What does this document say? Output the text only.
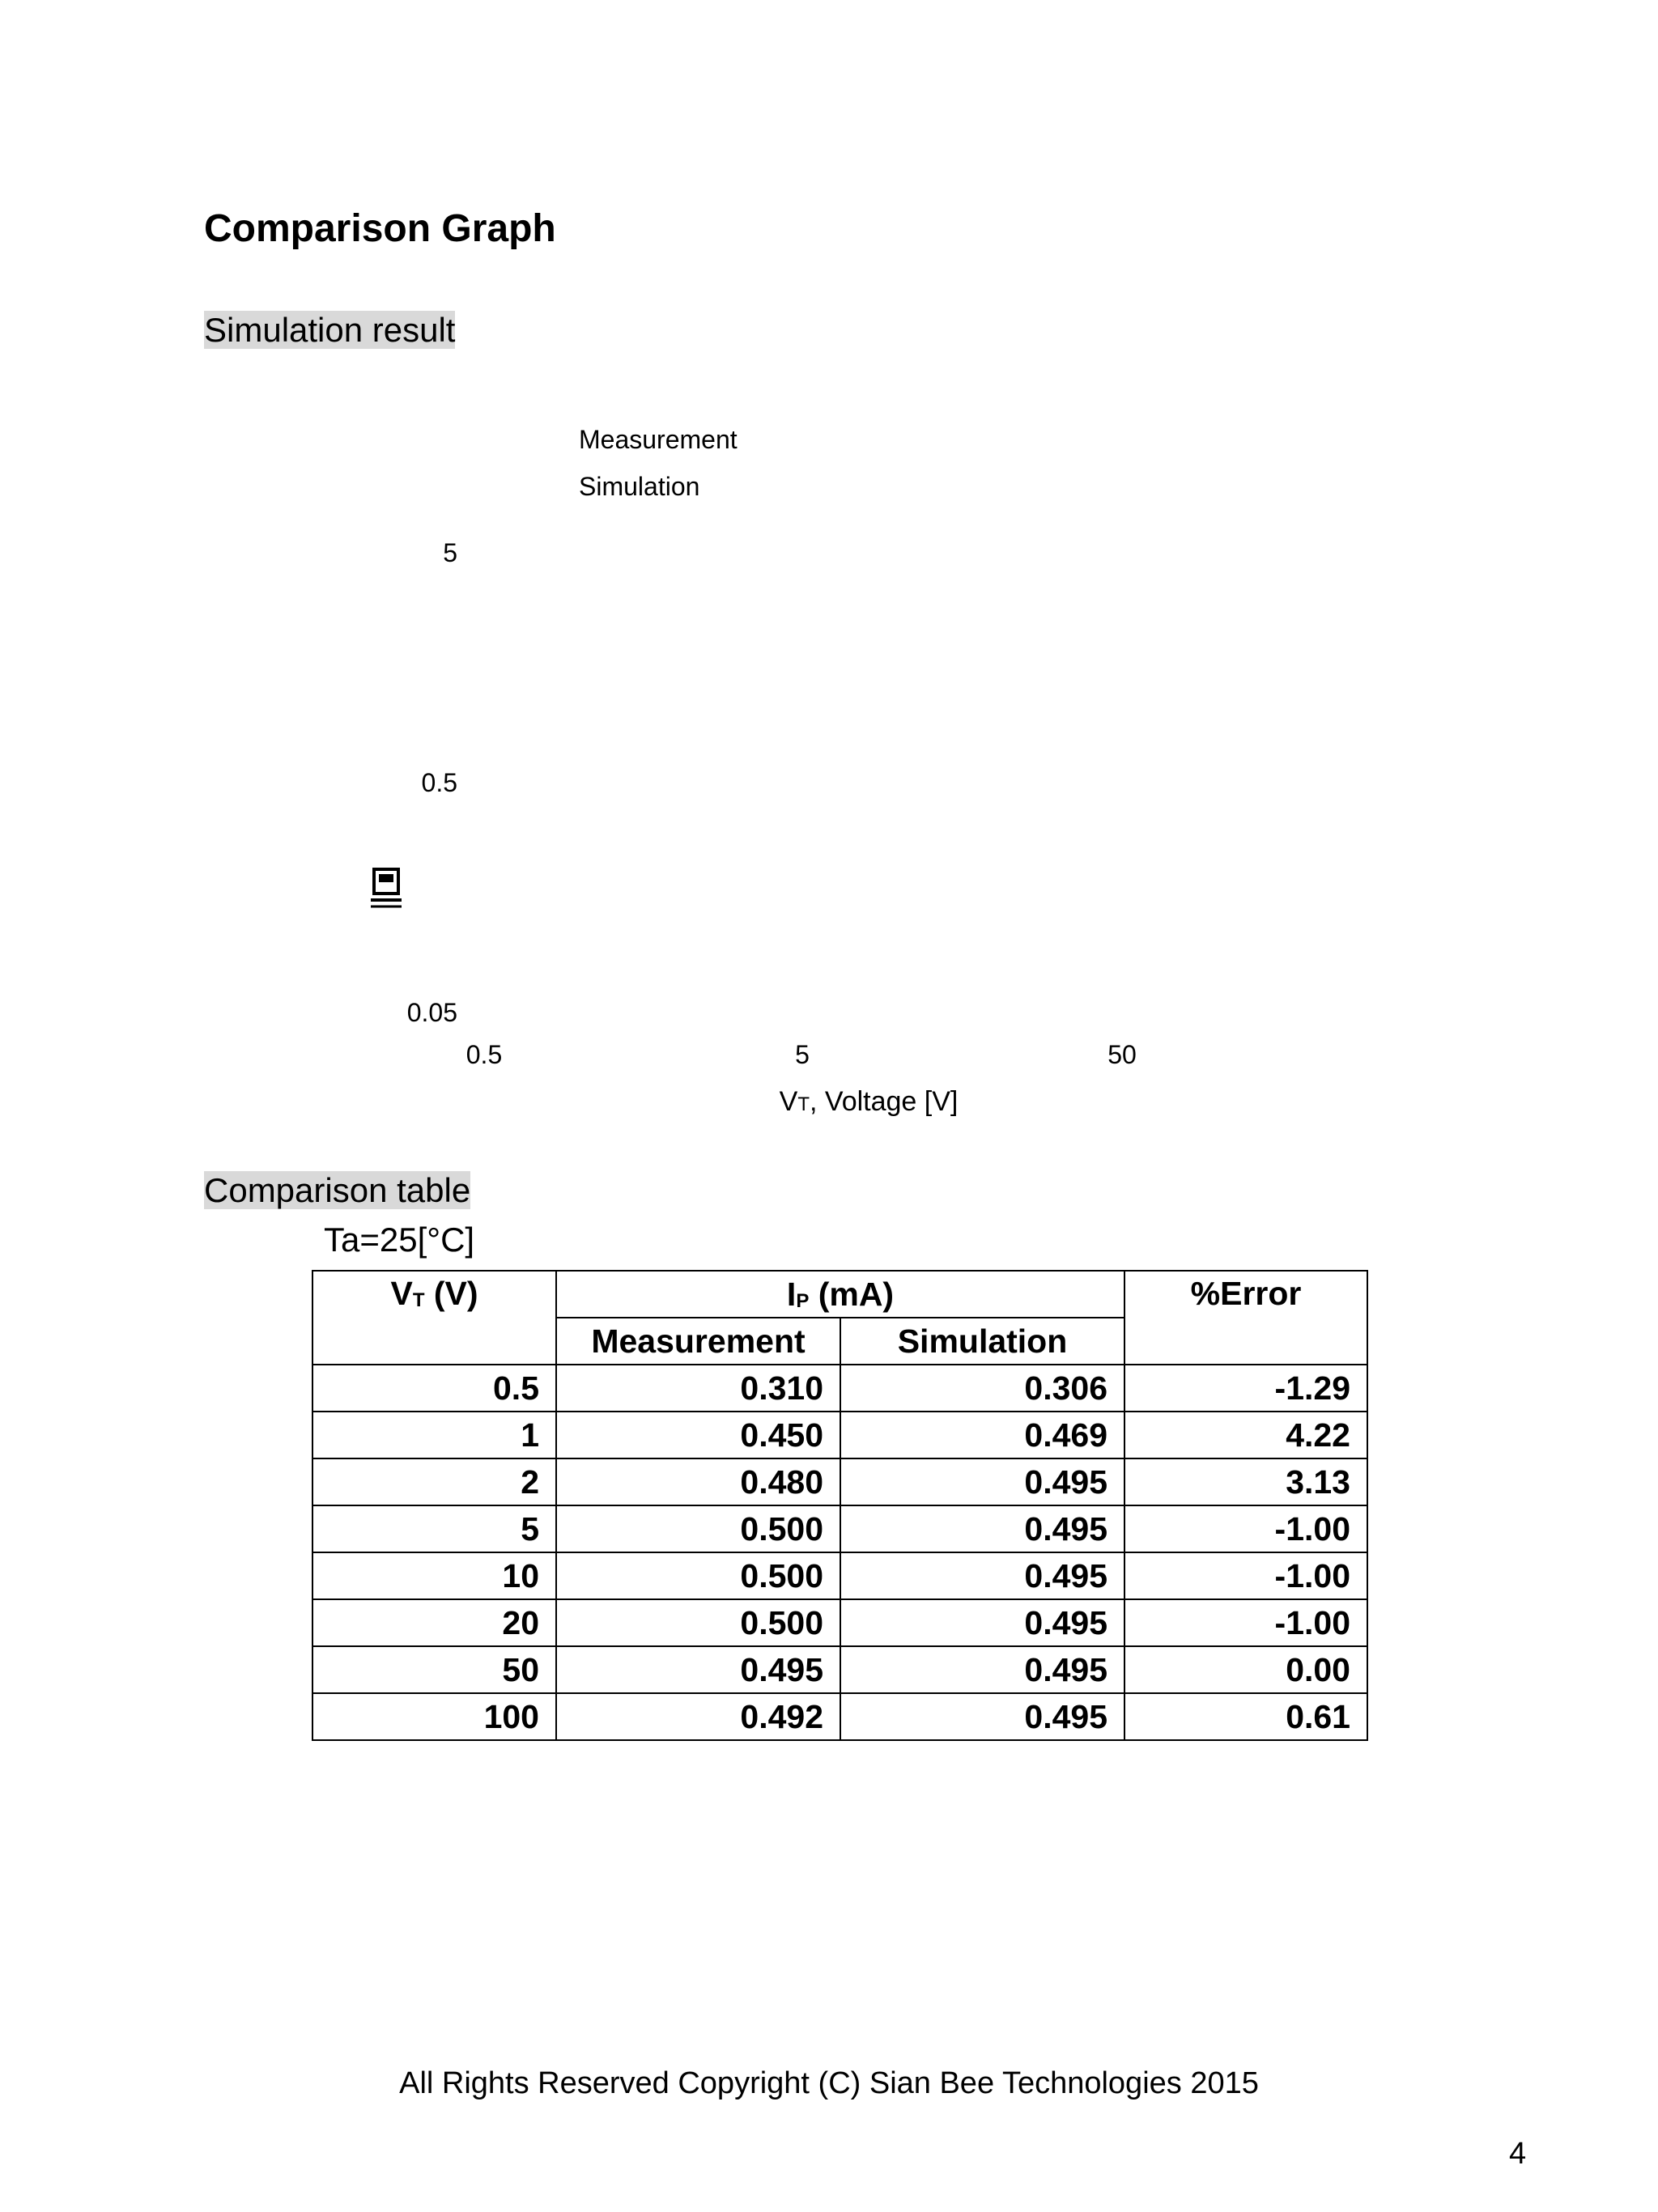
Comparison Graph
Simulation result
Measurement
Simulation
5
0.5
0.05
0.5	5	50
VT, Voltage [V]
Comparison table
Ta=25[°C]
$V_T$ (V)	$I_P$ (mA)		%Error
	Measurement	Simulation	
0.5	0.310	0.306	-1.29
1	0.450	0.469	4.22
2	0.480	0.495	3.13
5	0.500	0.495	-1.00
10	0.500	0.495	-1.00
20	0.500	0.495	-1.00
50	0.495	0.495	0.00
100	0.492	0.495	0.61
All Rights Reserved Copyright (C) Sian Bee Technologies 2015
4
